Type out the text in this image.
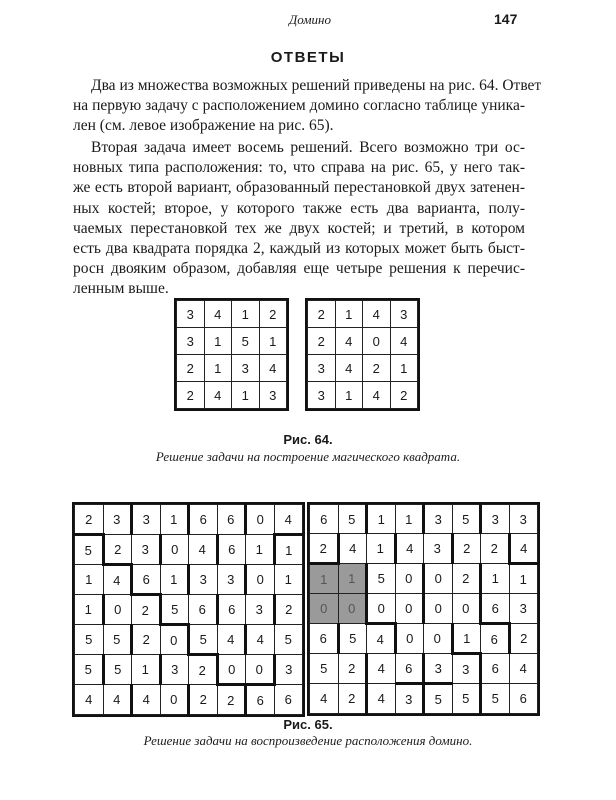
Домино	147
ОТВЕТЫ
Два из множества возможных решений приведены на рис. 64. Ответ
на первую задачу с расположением домино согласно таблице уника-
лен (см. левое изображение на рис. 65).
Вторая задача имеет восемь решений. Всего возможно три ос-
новных типа расположения: то, что справа на рис. 65, у него так-
же есть второй вариант, образованный перестановкой двух затенен-
ных костей; второе, у которого также есть два варианта, полу-
чаемых перестановкой тех же двух костей; и третий, в котором
есть два квадрата порядка 2, каждый из которых может быть быст-
росн двояким образом, добавляя еще четыре решения к перечис-
ленным выше.
3	4	1	2
3	1	5	1
2	1	3	4
2	4	1	3
2	1	4	3
2	4	0	4
3	4	2	1
3	1	4	2
Рис. 64.
Решение задачи на построение магического квадрата.
2	3	3	1	6	6	0	4
5	2	3	0	4	6	1	1
1	4	6	1	3	3	0	1
1	0	2	5	6	6	3	2
5	5	2	0	5	4	4	5
5	5	1	3	2	0	0	3
4	4	4	0	2	2	6	6
6	5	1	1	3	5	3	3
2	4	1	4	3	2	2	4
1	1	5	0	0	2	1	1
0	0	0	0	0	0	6	3
6	5	4	0	0	1	6	2
5	2	4	6	3	3	6	4
4	2	4	3	5	5	5	6
Рис. 65.
Решение задачи на воспроизведение расположения домино.
